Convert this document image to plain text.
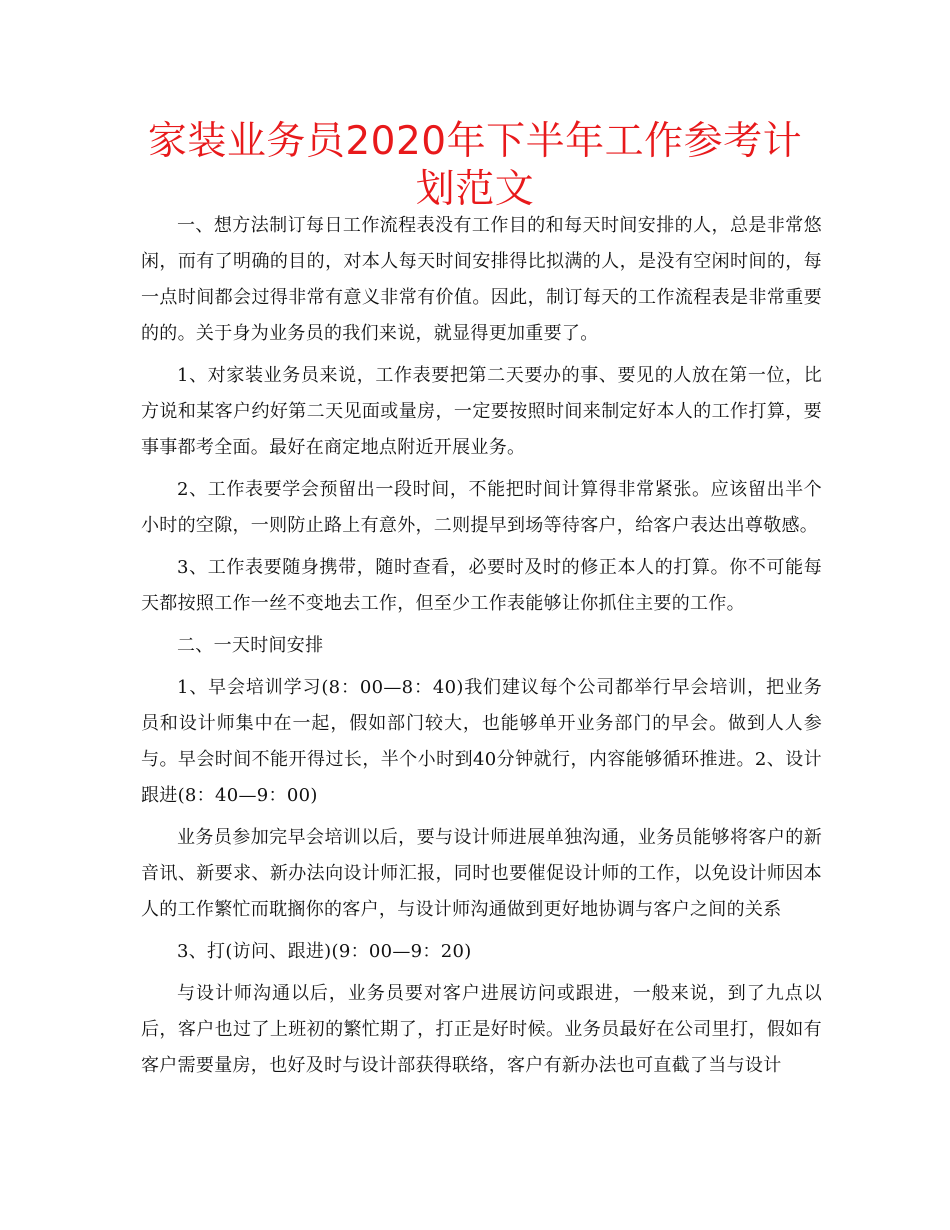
家装业务员2020年下半年工作参考计划范文

一、想方法制订每日工作流程表没有工作目的和每天时间安排的人，总是非常悠闲，而有了明确的目的，对本人每天时间安排得比拟满的人，是没有空闲时间的，每一点时间都会过得非常有意义非常有价值。因此，制订每天的工作流程表是非常重要的的。关于身为业务员的我们来说，就显得更加重要了。

1、对家装业务员来说，工作表要把第二天要办的事、要见的人放在第一位，比方说和某客户约好第二天见面或量房，一定要按照时间来制定好本人的工作打算，要事事都考全面。最好在商定地点附近开展业务。

2、工作表要学会预留出一段时间，不能把时间计算得非常紧张。应该留出半个小时的空隙，一则防止路上有意外，二则提早到场等待客户，给客户表达出尊敬感。

3、工作表要随身携带，随时查看，必要时及时的修正本人的打算。你不可能每天都按照工作一丝不变地去工作，但至少工作表能够让你抓住主要的工作。

二、一天时间安排

1、早会培训学习(8：00—8：40)我们建议每个公司都举行早会培训，把业务员和设计师集中在一起，假如部门较大，也能够单开业务部门的早会。做到人人参与。早会时间不能开得过长，半个小时到40分钟就行，内容能够循环推进。2、设计跟进(8：40—9：00)

业务员参加完早会培训以后，要与设计师进展单独沟通，业务员能够将客户的新音讯、新要求、新办法向设计师汇报，同时也要催促设计师的工作，以免设计师因本人的工作繁忙而耽搁你的客户，与设计师沟通做到更好地协调与客户之间的关系

3、打(访问、跟进)(9：00—9：20)

与设计师沟通以后，业务员要对客户进展访问或跟进，一般来说，到了九点以后，客户也过了上班初的繁忙期了，打正是好时候。业务员最好在公司里打，假如有客户需要量房，也好及时与设计部获得联络，客户有新办法也可直截了当与设计
